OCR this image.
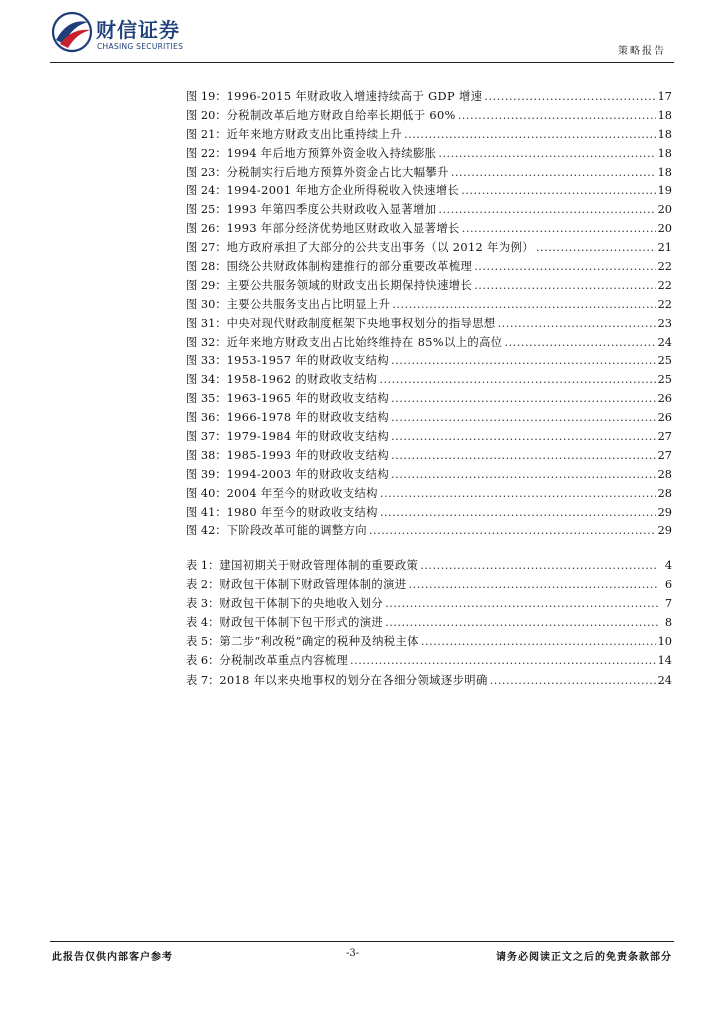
财信证券
CHASING SECURITIES	策略报告
图 19： 1996-2015 年财政收入增速持续高于 GDP 增速 .....	17
图 20： 分税制改革后地方财政自给率长期低于 60% .....	18
图 21： 近年来地方财政支出比重持续上升 .....	18
图 22： 1994 年后地方预算外资金收入持续膨胀 .....	18
图 23： 分税制实行后地方预算外资金占比大幅攀升 .....	18
图 24： 1994-2001 年地方企业所得税收入快速增长 .....	19
图 25： 1993 年第四季度公共财政收入显著增加 .....	20
图 26： 1993 年部分经济优势地区财政收入显著增长 .....	20
图 27： 地方政府承担了大部分的公共支出事务（以 2012 年为例） .....	21
图 28： 围绕公共财政体制构建推行的部分重要改革梳理 .....	22
图 29： 主要公共服务领域的财政支出长期保持快速增长 .....	22
图 30： 主要公共服务支出占比明显上升 .....	22
图 31： 中央对现代财政制度框架下央地事权划分的指导思想 .....	23
图 32： 近年来地方财政支出占比始终维持在 85%以上的高位 .....	24
图 33： 1953-1957 年的财政收支结构 .....	25
图 34： 1958-1962 的财政收支结构 .....	25
图 35： 1963-1965 年的财政收支结构 .....	26
图 36： 1966-1978 年的财政收支结构 .....	26
图 37： 1979-1984 年的财政收支结构 .....	27
图 38： 1985-1993 年的财政收支结构 .....	27
图 39： 1994-2003 年的财政收支结构 .....	28
图 40： 2004 年至今的财政收支结构 .....	28
图 41： 1980 年至今的财政收支结构 .....	29
图 42： 下阶段改革可能的调整方向 .....	29
表 1： 建国初期关于财政管理体制的重要政策 .....	4
表 2： 财政包干体制下财政管理体制的演进 .....	6
表 3： 财政包干体制下的央地收入划分 .....	7
表 4： 财政包干体制下包干形式的演进 .....	8
表 5： 第二步“利改税”确定的税种及纳税主体 .....	10
表 6： 分税制改革重点内容梳理 .....	14
表 7： 2018 年以来央地事权的划分在各细分领域逐步明确 .....	24
此报告仅供内部客户参考	-3-	请务必阅读正文之后的免责条款部分
